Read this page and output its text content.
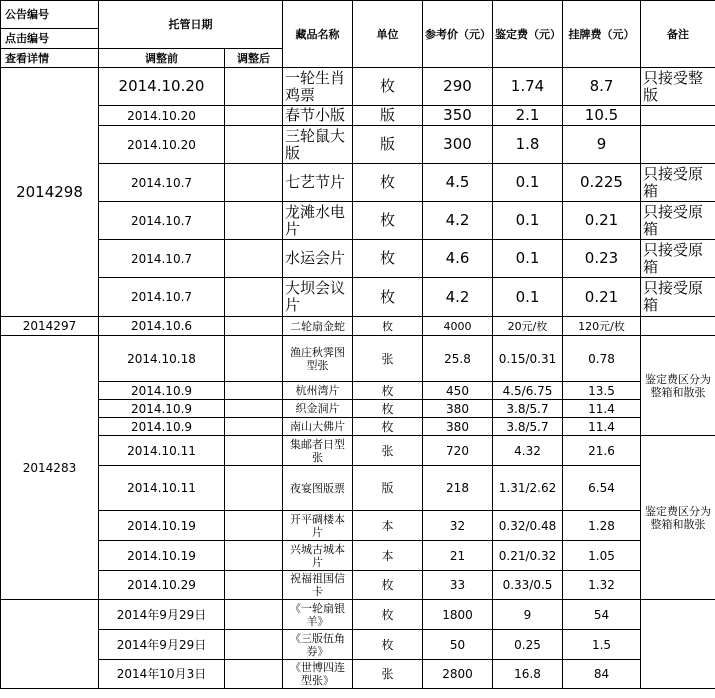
公告编号	托管日期		藏品名称	单位	参考价（元）	鉴定费（元）	挂牌费（元）	备注
点击编号								
查看详情	调整前	调整后						
2014298	2014.10.20		一轮生肖鸡票	枚	290	1.74	8.7	只接受整版
	2014.10.20		春节小版	版	350	2.1	10.5	
	2014.10.20		三轮鼠大版	版	300	1.8	9	
	2014.10.7		七艺节片	枚	4.5	0.1	0.225	只接受原箱
	2014.10.7		龙滩水电片	枚	4.2	0.1	0.21	只接受原箱
	2014.10.7		水运会片	枚	4.6	0.1	0.23	只接受原箱
	2014.10.7		大坝会议片	枚	4.2	0.1	0.21	只接受原箱
2014297	2014.10.6		二轮扇金蛇	枚	4000	20元/枚	120元/枚	
2014283	2014.10.18		渔庄秋霁图型张	张	25.8	0.15/0.31	0.78	鉴定费区分为整箱和散张
	2014.10.9		杭州湾片	枚	450	4.5/6.75	13.5	
	2014.10.9		织金洞片	枚	380	3.8/5.7	11.4	
	2014.10.9		南山大佛片	枚	380	3.8/5.7	11.4	
	2014.10.11		集邮者日型张	张	720	4.32	21.6	鉴定费区分为整箱和散张
	2014.10.11		夜宴图版票	版	218	1.31/2.62	6.54	
	2014.10.19		开平碉楼本片	本	32	0.32/0.48	1.28	
	2014.10.19		兴城古城本片	本	21	0.21/0.32	1.05	
	2014.10.29		祝福祖国信卡	枚	33	0.33/0.5	1.32	
	2014年9月29日		《一轮扇银羊》	枚	1800	9	54	
	2014年9月29日		《三版伍角券》	枚	50	0.25	1.5	
	2014年10月3日		《世博四连型张》	张	2800	16.8	84	
